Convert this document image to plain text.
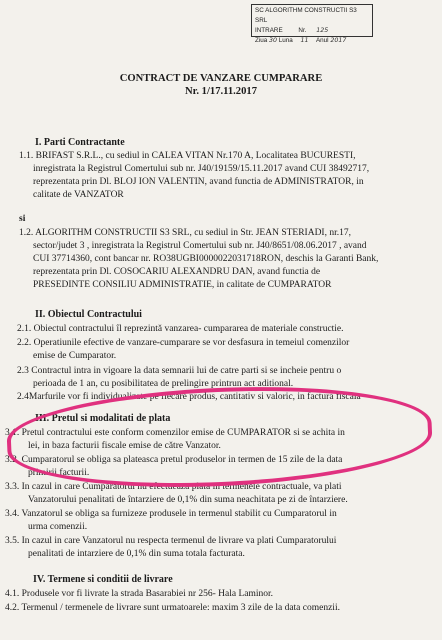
SC ALGORITHM CONSTRUCTII S3 SRL
INTRARE	Nr. 125
Ziua 30 Luna 11 Anul 2017
CONTRACT DE VANZARE CUMPARARE
Nr. 1/17.11.2017
I. Parti Contractante
1.1. BRIFAST S.R.L., cu sediul in CALEA VITAN Nr.170 A, Localitatea BUCURESTI,
inregistrata la Registrul Comertului sub nr. J40/19159/15.11.2017 avand CUI 38492717,
reprezentata prin Dl. BLOJ ION VALENTIN, avand functia de ADMINISTRATOR, in
calitate de VANZATOR
si
1.2. ALGORITHM CONSTRUCTII S3 SRL, cu sediul in Str. JEAN STERIADI, nr.17,
sector/judet 3 , inregistrata la Registrul Comertului sub nr. J40/8651/08.06.2017 , avand
CUI 37714360, cont bancar nr. RO38UGBI0000022031718RON, deschis la Garanti Bank,
reprezentata prin Dl. COSOCARIU ALEXANDRU DAN, avand functia de
PRESEDINTE CONSILIU ADMINISTRATIE, in calitate de CUMPARATOR
II. Obiectul Contractului
2.1. Obiectul contractului îl reprezintă vanzarea- cumpararea de materiale constructie.
2.2. Operatiunile efective de vanzare-cumparare se vor desfasura in temeiul comenzilor
emise de Cumparator.
2.3 Contractul intra in vigoare la data semnarii lui de catre parti si se incheie pentru o
perioada de 1 an, cu posibilitatea de prelingire printrun act aditional.
2.4Marfurile vor fi individualizate pe fiecare produs, cantitativ si valoric, in factura fiscala
III. Pretul si modalitati de plata
3.1. Pretul contractului este conform comenzilor emise de CUMPARATOR si se achita in
lei, in baza facturii fiscale emise de către Vanzator.
3.2. Cumparatorul se obliga sa plateasca pretul produselor in termen de 15 zile de la data
primirii facturii.
3.3. In cazul in care Cumparatorul nu efectueaza plata in termenele contractuale, va plati
Vanzatorului penalitati de întarziere de 0,1% din suma neachitata pe zi de întarziere.
3.4. Vanzatorul se obliga sa furnizeze produsele in termenul stabilit cu Cumparatorul in
urma comenzii.
3.5. In cazul in care Vanzatorul nu respecta termenul de livrare va plati Cumparatorului
penalitati de intarziere de 0,1% din suma totala facturata.
IV. Termene si conditii de livrare
4.1. Produsele vor fi livrate la strada Basarabiei nr 256- Hala Laminor.
4.2. Termenul / termenele de livrare sunt urmatoarele: maxim 3 zile de la data comenzii.
